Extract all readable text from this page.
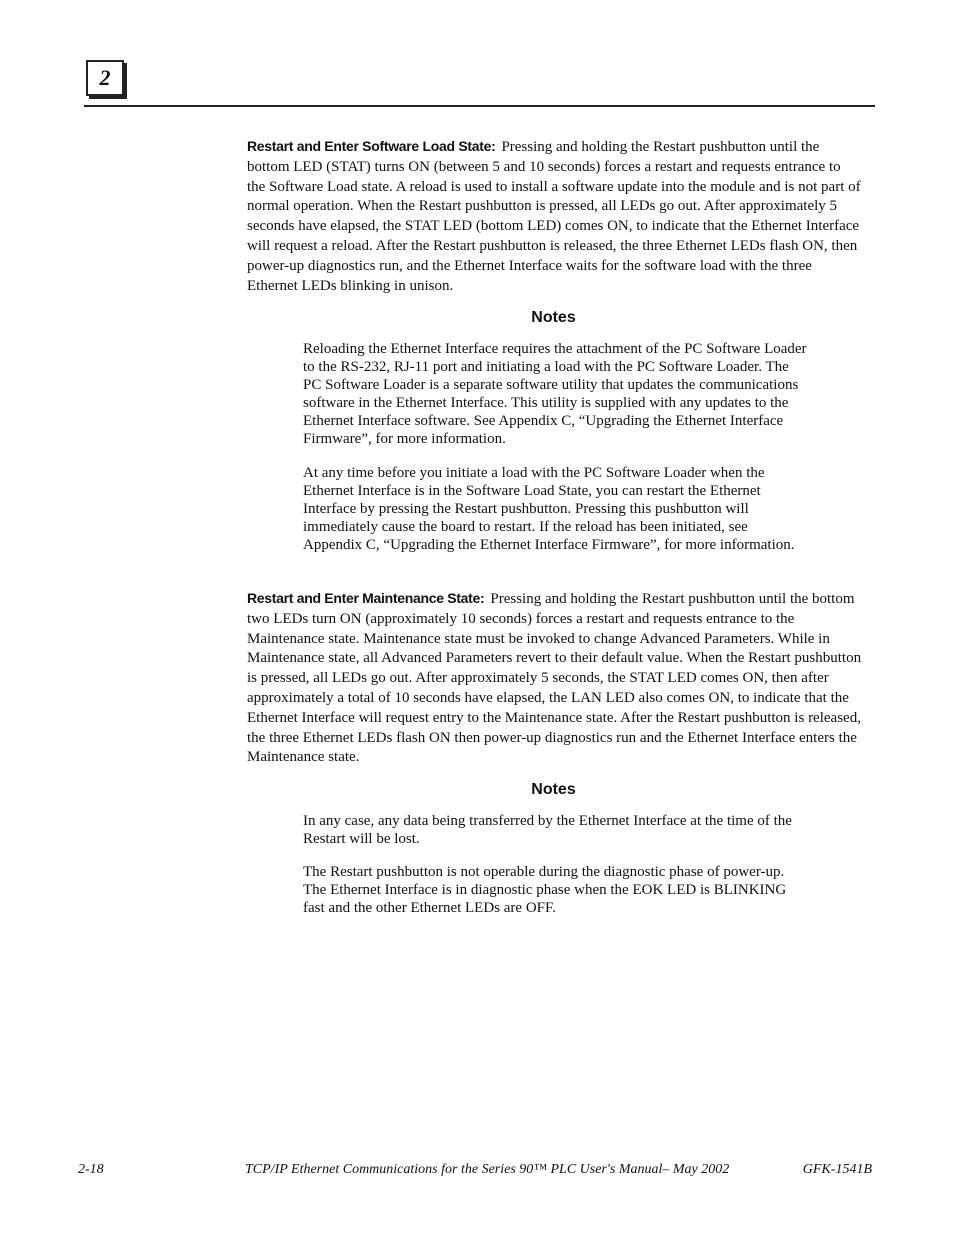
2
Restart and Enter Software Load State: Pressing and holding the Restart pushbutton until the bottom LED (STAT) turns ON (between 5 and 10 seconds) forces a restart and requests entrance to the Software Load state. A reload is used to install a software update into the module and is not part of normal operation. When the Restart pushbutton is pressed, all LEDs go out. After approximately 5 seconds have elapsed, the STAT LED (bottom LED) comes ON, to indicate that the Ethernet Interface will request a reload. After the Restart pushbutton is released, the three Ethernet LEDs flash ON, then power-up diagnostics run, and the Ethernet Interface waits for the software load with the three Ethernet LEDs blinking in unison.
Notes
Reloading the Ethernet Interface requires the attachment of the PC Software Loader to the RS-232, RJ-11 port and initiating a load with the PC Software Loader. The PC Software Loader is a separate software utility that updates the communications software in the Ethernet Interface. This utility is supplied with any updates to the Ethernet Interface software. See Appendix C, “Upgrading the Ethernet Interface Firmware”, for more information.
At any time before you initiate a load with the PC Software Loader when the Ethernet Interface is in the Software Load State, you can restart the Ethernet Interface by pressing the Restart pushbutton. Pressing this pushbutton will immediately cause the board to restart. If the reload has been initiated, see Appendix C, “Upgrading the Ethernet Interface Firmware”, for more information.
Restart and Enter Maintenance State: Pressing and holding the Restart pushbutton until the bottom two LEDs turn ON (approximately 10 seconds) forces a restart and requests entrance to the Maintenance state. Maintenance state must be invoked to change Advanced Parameters. While in Maintenance state, all Advanced Parameters revert to their default value. When the Restart pushbutton is pressed, all LEDs go out. After approximately 5 seconds, the STAT LED comes ON, then after approximately a total of 10 seconds have elapsed, the LAN LED also comes ON, to indicate that the Ethernet Interface will request entry to the Maintenance state. After the Restart pushbutton is released, the three Ethernet LEDs flash ON then power-up diagnostics run and the Ethernet Interface enters the Maintenance state.
Notes
In any case, any data being transferred by the Ethernet Interface at the time of the Restart will be lost.
The Restart pushbutton is not operable during the diagnostic phase of power-up. The Ethernet Interface is in diagnostic phase when the EOK LED is BLINKING fast and the other Ethernet LEDs are OFF.
2-18	TCP/IP Ethernet Communications for the Series 90™ PLC User's Manual– May 2002	GFK-1541B
